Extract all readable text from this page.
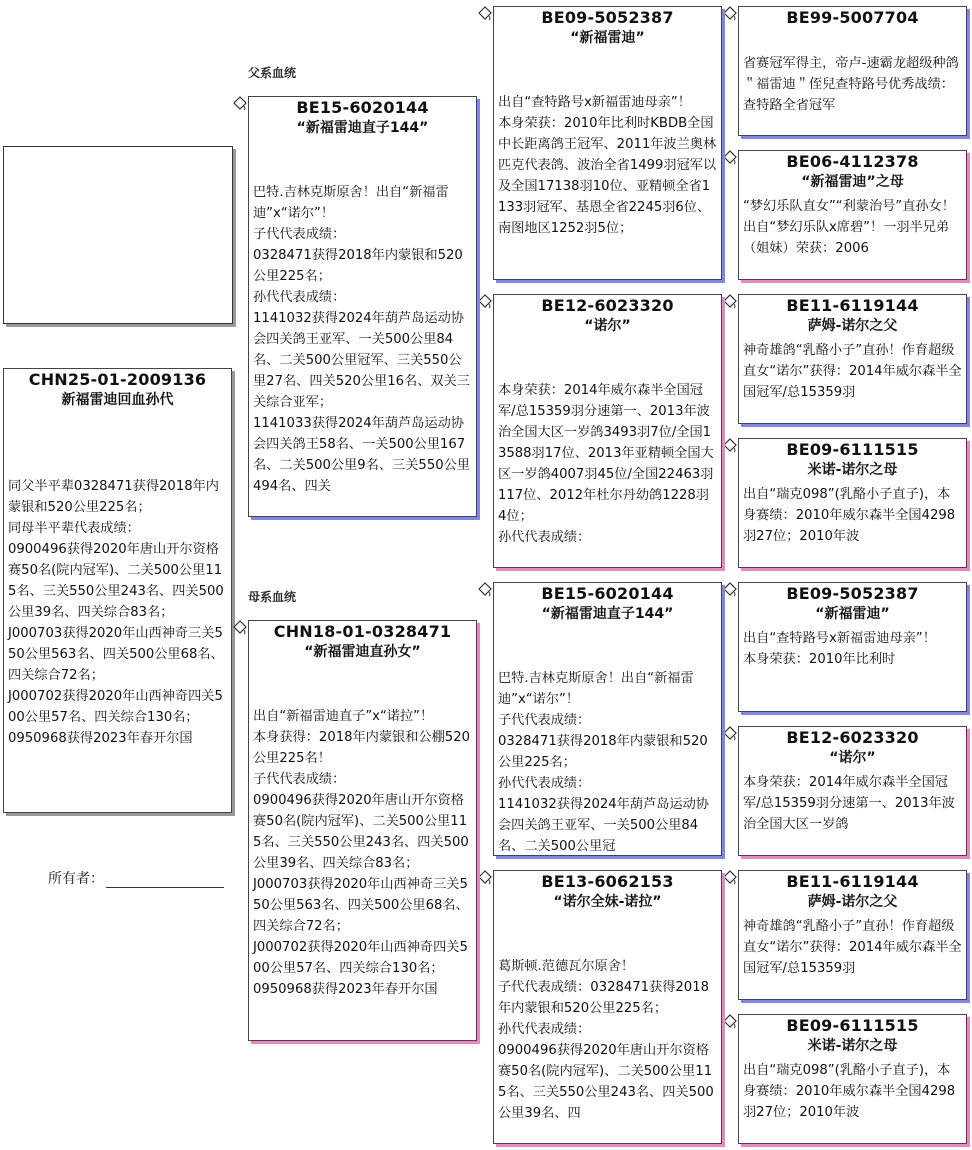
父系血统
母系血统
CHN25-01-2009136
新福雷迪回血孙代
同父半平辈0328471获得2018年内蒙银和520公里225名；
同母半平辈代表成绩：
0900496获得2020年唐山开尔资格赛50名(院内冠军)、二关500公里115名、三关550公里243名、四关500公里39名、四关综合83名；
J000703获得2020年山西神奇三关550公里563名、四关500公里68名、四关综合72名；
J000702获得2020年山西神奇四关500公里57名、四关综合130名；
0950968获得2023年春开尔国
所有者：
BE15-6020144
“新福雷迪直子144”
巴特.吉林克斯原舍！出自“新福雷迪”x“诺尔”！
子代代表成绩：
0328471获得2018年内蒙银和520公里225名；
孙代代表成绩：
1141032获得2024年葫芦岛运动协会四关鸽王亚军、一关500公里84名、二关500公里冠军、三关550公里27名、四关520公里16名、双关三关综合亚军；
1141033获得2024年葫芦岛运动协会四关鸽王58名、一关500公里167名、二关500公里9名、三关550公里494名、四关
CHN18-01-0328471
“新福雷迪直孙女”
出自“新福雷迪直子”x“诺拉”！
本身获得：2018年内蒙银和公棚520公里225名！
子代代表成绩：
0900496获得2020年唐山开尔资格赛50名(院内冠军)、二关500公里115名、三关550公里243名、四关500公里39名、四关综合83名；
J000703获得2020年山西神奇三关550公里563名、四关500公里68名、四关综合72名；
J000702获得2020年山西神奇四关500公里57名、四关综合130名；
0950968获得2023年春开尔国
BE09-5052387
“新福雷迪”
出自“查特路号x新福雷迪母亲”！
本身荣获：2010年比利时KBDB全国中长距离鸽王冠军、2011年波兰奥林匹克代表鸽、波治全省1499羽冠军以及全国17138羽10位、亚精顿全省1133羽冠军、基恩全省2245羽6位、南图地区1252羽5位；
BE12-6023320
“诺尔”
本身荣获：2014年威尔森半全国冠军/总15359羽分速第一、2013年波治全国大区一岁鸽3493羽7位/全国13588羽17位、2013年亚精顿全国大区一岁鸽4007羽45位/全国22463羽117位、2012年杜尔丹幼鸽1228羽4位；
孙代代表成绩：
BE15-6020144
“新福雷迪直子144”
巴特.吉林克斯原舍！出自“新福雷迪”x“诺尔”！
子代代表成绩：
0328471获得2018年内蒙银和520公里225名；
孙代代表成绩：
1141032获得2024年葫芦岛运动协会四关鸽王亚军、一关500公里84名、二关500公里冠
BE13-6062153
“诺尔全妹-诺拉”
葛斯顿.范德瓦尔原舍！
子代代表成绩：0328471获得2018年内蒙银和520公里225名；
孙代代表成绩：
0900496获得2020年唐山开尔资格赛50名(院内冠军)、二关500公里115名、三关550公里243名、四关500公里39名、四
BE99-5007704

省赛冠军得主，帝卢-速霸龙超级种鸽 ＂福雷迪＂侄兒查特路号优秀战绩：查特路全省冠军
BE06-4112378
“新福雷迪”之母
“梦幻乐队直女”“利蒙治号”直孙女！出自“梦幻乐队x席碧”！一羽半兄弟（姐妹）荣获：2006
BE11-6119144
萨姆-诺尔之父
神奇雄鸽“乳酪小子”直孙！作育超级直女“诺尔”获得：2014年威尔森半全国冠军/总15359羽
BE09-6111515
米诺-诺尔之母
出自“瑞克098”(乳酪小子直子)，本身赛绩：2010年威尔森半全国4298羽27位；2010年波
BE09-5052387
“新福雷迪”
出自“查特路号x新福雷迪母亲”！
本身荣获：2010年比利时
BE12-6023320
“诺尔”
本身荣获：2014年威尔森半全国冠军/总15359羽分速第一、2013年波治全国大区一岁鸽
BE11-6119144
萨姆-诺尔之父
神奇雄鸽“乳酪小子”直孙！作育超级直女“诺尔”获得：2014年威尔森半全国冠军/总15359羽
BE09-6111515
米诺-诺尔之母
出自“瑞克098”(乳酪小子直子)，本身赛绩：2010年威尔森半全国4298羽27位；2010年波
